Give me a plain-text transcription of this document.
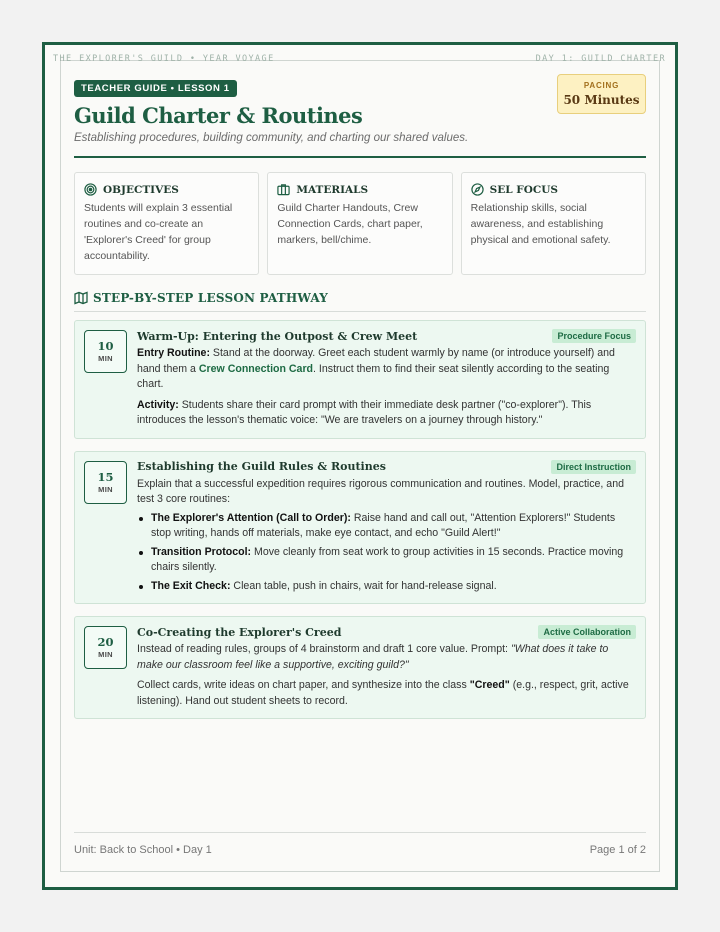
THE EXPLORER'S GUILD • YEAR VOYAGE	DAY 1: GUILD CHARTER
TEACHER GUIDE • LESSON 1
Guild Charter & Routines
Establishing procedures, building community, and charting our shared values.
PACING
50 Minutes
OBJECTIVES
Students will explain 3 essential routines and co-create an 'Explorer's Creed' for group accountability.
MATERIALS
Guild Charter Handouts, Crew Connection Cards, chart paper, markers, bell/chime.
SEL FOCUS
Relationship skills, social awareness, and establishing physical and emotional safety.
STEP-BY-STEP LESSON PATHWAY
10
MIN
Warm-Up: Entering the Outpost & Crew Meet	Procedure Focus
Entry Routine: Stand at the doorway. Greet each student warmly by name (or introduce yourself) and hand them a Crew Connection Card. Instruct them to find their seat silently according to the seating chart.
Activity: Students share their card prompt with their immediate desk partner ("co-explorer"). This introduces the lesson's thematic voice: "We are travelers on a journey through history."
15
MIN
Establishing the Guild Rules & Routines	Direct Instruction
Explain that a successful expedition requires rigorous communication and routines. Model, practice, and test 3 core routines:
The Explorer's Attention (Call to Order): Raise hand and call out, "Attention Explorers!" Students stop writing, hands off materials, make eye contact, and echo "Guild Alert!"
Transition Protocol: Move cleanly from seat work to group activities in 15 seconds. Practice moving chairs silently.
The Exit Check: Clean table, push in chairs, wait for hand-release signal.
20
MIN
Co-Creating the Explorer's Creed	Active Collaboration
Instead of reading rules, groups of 4 brainstorm and draft 1 core value. Prompt: "What does it take to make our classroom feel like a supportive, exciting guild?"
Collect cards, write ideas on chart paper, and synthesize into the class "Creed" (e.g., respect, grit, active listening). Hand out student sheets to record.
Unit: Back to School • Day 1	Page 1 of 2
